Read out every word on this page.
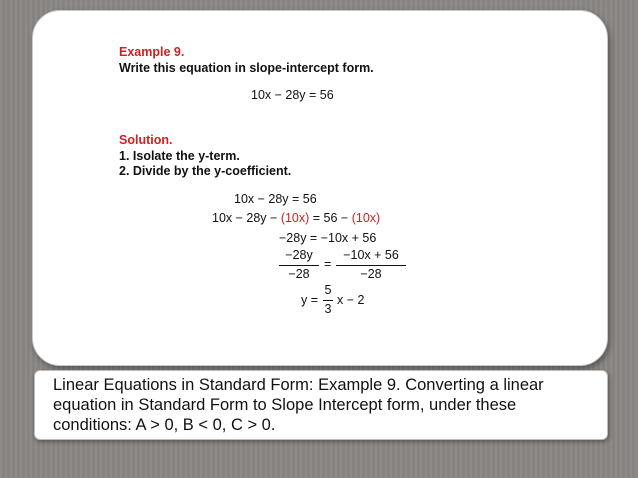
Example 9.
Write this equation in slope-intercept form.
10x − 28y = 56
Solution.
1. Isolate the y-term.
2. Divide by the y-coefficient.
10x − 28y = 56
10x − 28y − (10x) = 56 − (10x)
−28y = −10x + 56
−28y
−28
=
−10x + 56
−28
y =
5
3
x − 2
Linear Equations in Standard Form: Example 9. Converting a linear equation in Standard Form to Slope Intercept form, under these conditions: A > 0, B < 0, C > 0.
